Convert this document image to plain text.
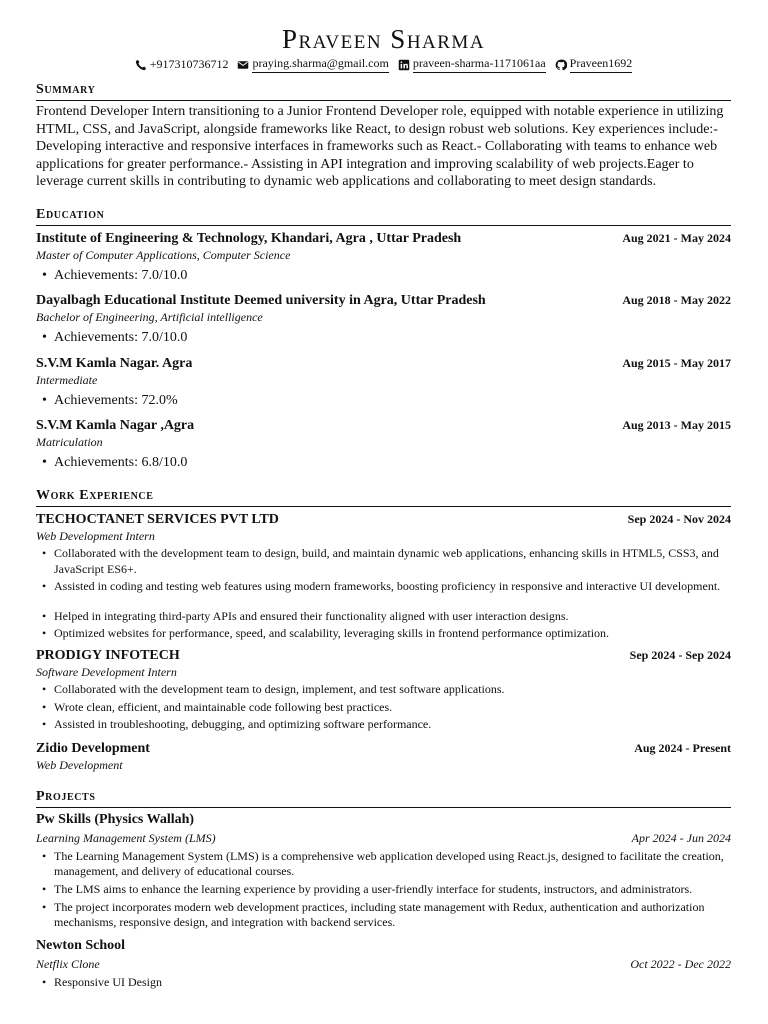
Praveen Sharma
+917310736712 praying.sharma@gmail.com praveen-sharma-1171061aa Praveen1692
Summary
Frontend Developer Intern transitioning to a Junior Frontend Developer role, equipped with notable experience in utilizing HTML, CSS, and JavaScript, alongside frameworks like React, to design robust web solutions. Key experiences include:- Developing interactive and responsive interfaces in frameworks such as React.- Collaborating with teams to enhance web applications for greater performance.- Assisting in API integration and improving scalability of web projects.Eager to leverage current skills in contributing to dynamic web applications and collaborating to meet design standards.
Education
Institute of Engineering & Technology, Khandari, Agra , Uttar Pradesh	Aug 2021 - May 2024
Master of Computer Applications, Computer Science
• Achievements: 7.0/10.0
Dayalbagh Educational Institute Deemed university in Agra, Uttar Pradesh	Aug 2018 - May 2022
Bachelor of Engineering, Artificial intelligence
• Achievements: 7.0/10.0
S.V.M Kamla Nagar. Agra	Aug 2015 - May 2017
Intermediate
• Achievements: 72.0%
S.V.M Kamla Nagar ,Agra	Aug 2013 - May 2015
Matriculation
• Achievements: 6.8/10.0
Work Experience
TECHOCTANET SERVICES PVT LTD	Sep 2024 - Nov 2024
Web Development Intern
• Collaborated with the development team to design, build, and maintain dynamic web applications, enhancing skills in HTML5, CSS3, and JavaScript ES6+.
• Assisted in coding and testing web features using modern frameworks, boosting proficiency in responsive and interactive UI development.
• Helped in integrating third-party APIs and ensured their functionality aligned with user interaction designs.
• Optimized websites for performance, speed, and scalability, leveraging skills in frontend performance optimization.
PRODIGY INFOTECH	Sep 2024 - Sep 2024
Software Development Intern
• Collaborated with the development team to design, implement, and test software applications.
• Wrote clean, efficient, and maintainable code following best practices.
• Assisted in troubleshooting, debugging, and optimizing software performance.
Zidio Development	Aug 2024 - Present
Web Development
Projects
Pw Skills (Physics Wallah)
Learning Management System (LMS)	Apr 2024 - Jun 2024
• The Learning Management System (LMS) is a comprehensive web application developed using React.js, designed to facilitate the creation, management, and delivery of educational courses.
• The LMS aims to enhance the learning experience by providing a user-friendly interface for students, instructors, and administrators.
• The project incorporates modern web development practices, including state management with Redux, authentication and authorization mechanisms, responsive design, and integration with backend services.
Newton School
Netflix Clone	Oct 2022 - Dec 2022
• Responsive UI Design
